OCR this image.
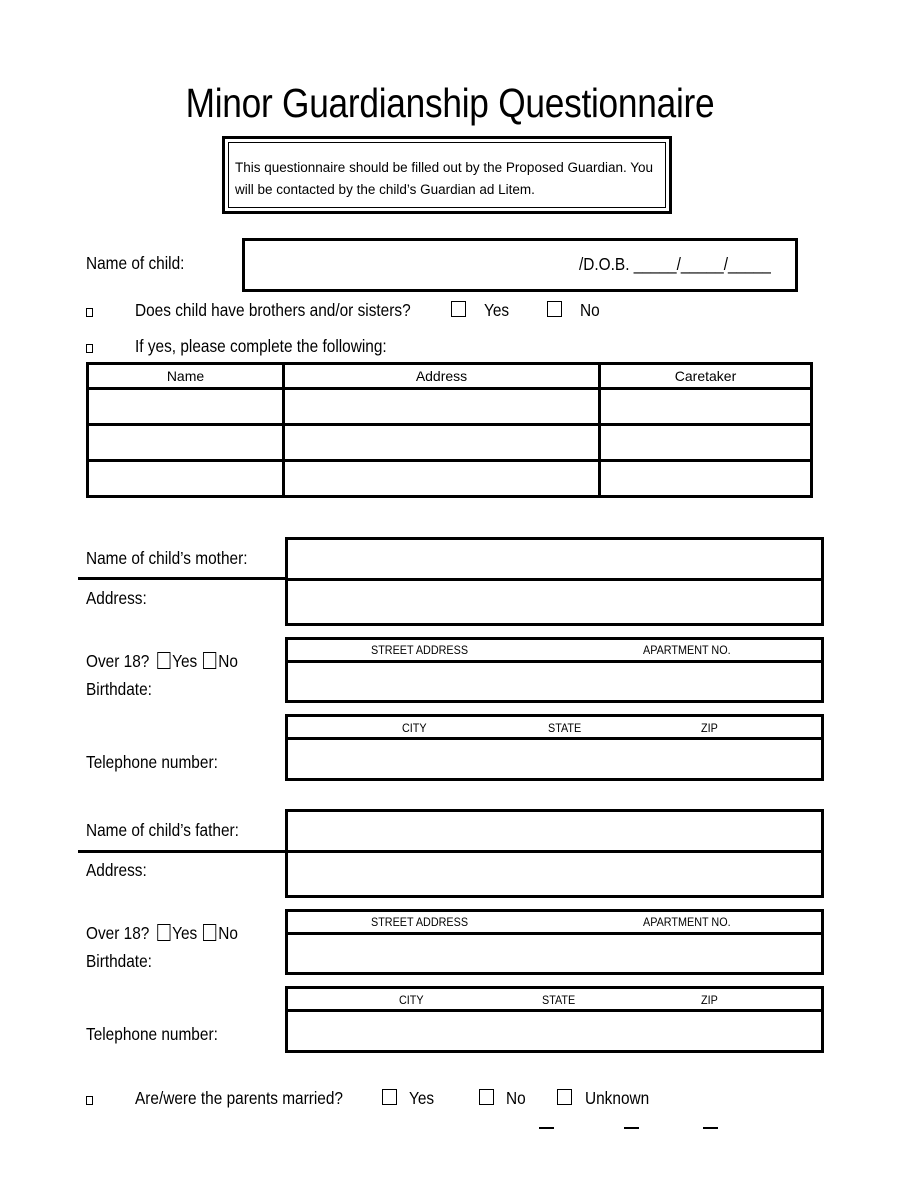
Minor Guardianship Questionnaire
This questionnaire should be filled out by the Proposed Guardian. You will be contacted by the child’s Guardian ad Litem.
Name of child:	/D.O.B. _____/_____/_____
Does child have brothers and/or sisters?	Yes	No
If yes, please complete the following:
Name	Address	Caretaker

Name of child’s mother:
Address:
Over 18? Yes No
Birthdate:
STREET ADDRESS	APARTMENT NO.
CITY	STATE	ZIP
Telephone number:
Name of child’s father:
Address:
Over 18? Yes No
Birthdate:
STREET ADDRESS	APARTMENT NO.
CITY	STATE	ZIP
Telephone number:
Are/were the parents married?	Yes	No	Unknown
